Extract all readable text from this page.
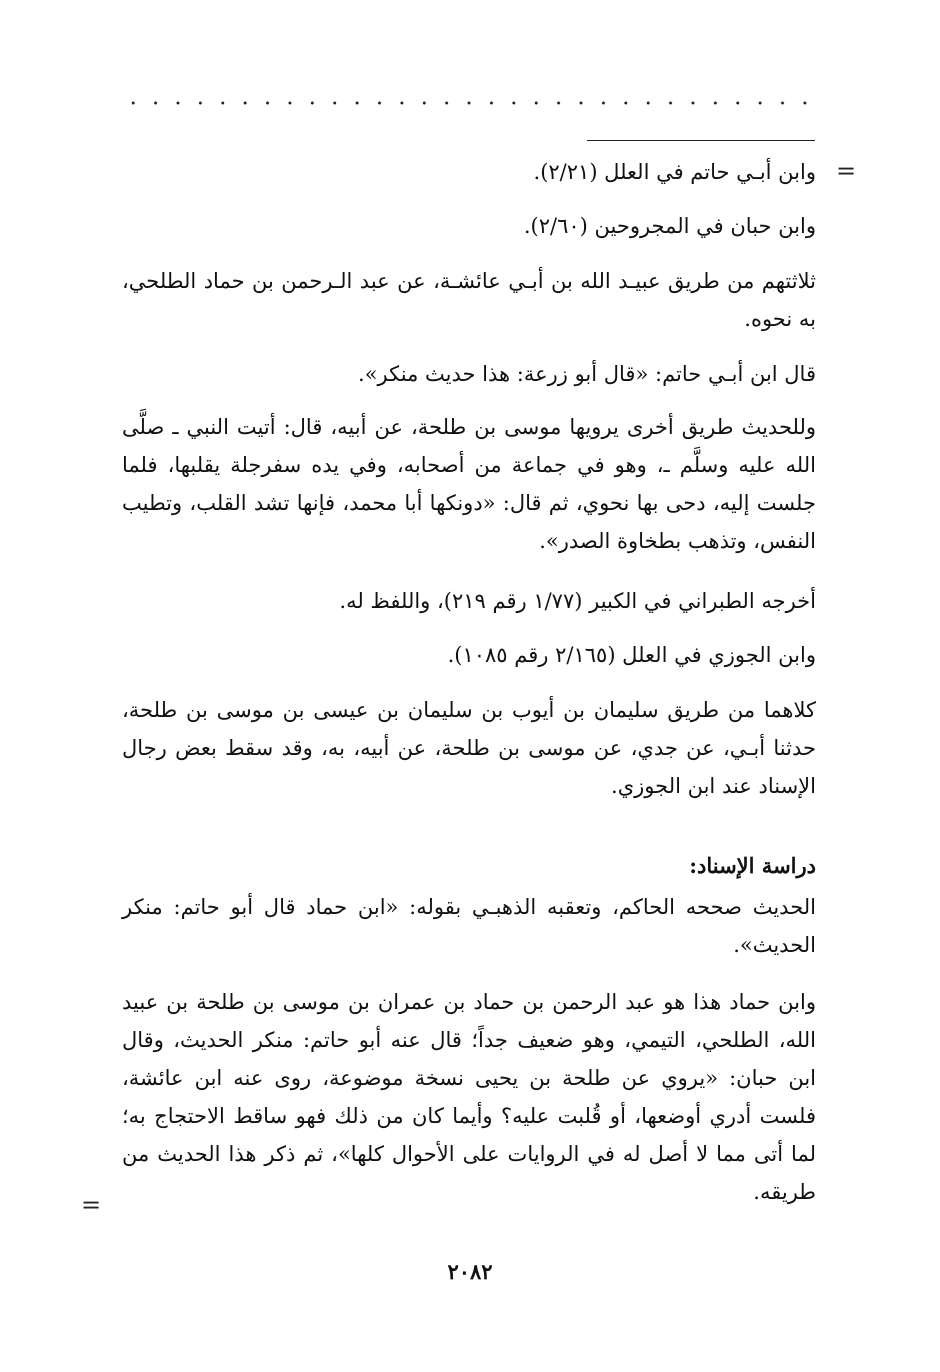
=
وابن أبـي حاتم في العلل (٢/٢١).
وابن حبان في المجروحين (٢/٦٠).
ثلاثتهم من طريق عبيـد الله بن أبـي عائشـة، عن عبد الـرحمن بن حماد الطلحي، به نحوه.
قال ابن أبـي حاتم: «قال أبو زرعة: هذا حديث منكر».
وللحديث طريق أخرى يرويها موسى بن طلحة، عن أبيه، قال: أتيت النبي ـ صلَّى الله عليه وسلَّم ـ، وهو في جماعة من أصحابه، وفي يده سفرجلة يقلبها، فلما جلست إليه، دحى بها نحوي، ثم قال: «دونكها أبا محمد، فإنها تشد القلب، وتطيب النفس، وتذهب بطخاوة الصدر».
أخرجه الطبراني في الكبير (١/٧٧ رقم ٢١٩)، واللفظ له.
وابن الجوزي في العلل (٢/١٦٥ رقم ١٠٨٥).
كلاهما من طريق سليمان بن أيوب بن سليمان بن عيسى بن موسى بن طلحة، حدثنا أبـي، عن جدي، عن موسى بن طلحة، عن أبيه، به، وقد سقط بعض رجال الإسناد عند ابن الجوزي.
دراسة الإسناد:
الحديث صححه الحاكم، وتعقبه الذهبـي بقوله: «ابن حماد قال أبو حاتم: منكر الحديث».
وابن حماد هذا هو عبد الرحمن بن حماد بن عمران بن موسى بن طلحة بن عبيد الله، الطلحي، التيمي، وهو ضعيف جداً؛ قال عنه أبو حاتم: منكر الحديث، وقال ابن حبان: «يروي عن طلحة بن يحيى نسخة موضوعة، روى عنه ابن عائشة، فلست أدري أوضعها، أو قُلبت عليه؟ وأيما كان من ذلك فهو ساقط الاحتجاج به؛ لما أتى مما لا أصل له في الروايات على الأحوال كلها»، ثم ذكر هذا الحديث من طريقه.
=
٢٠٨٢
